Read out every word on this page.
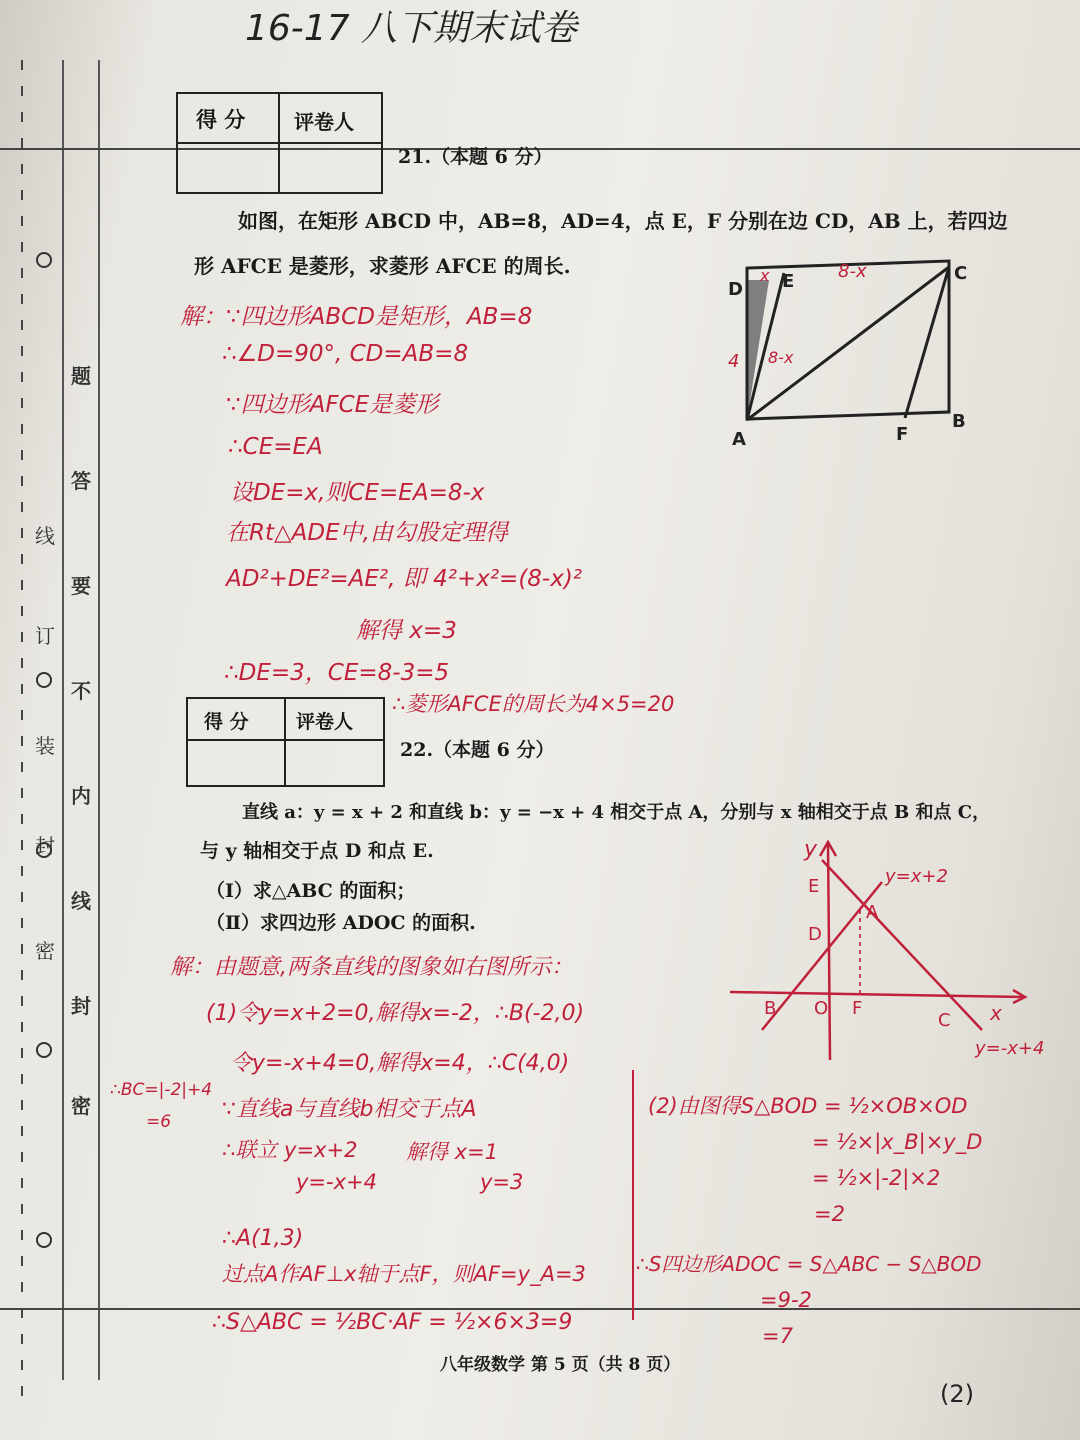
线
订
装
封
密
题
答
要
不
内
线
封
密
16-17 八下期末试卷
得 分 评卷人
21.（本题 6 分）
如图，在矩形 ABCD 中，AB=8，AD=4，点 E，F 分别在边 CD，AB 上，若四边
形 AFCE 是菱形，求菱形 AFCE 的周长.
D E	C
A	F
B
x	8-x
4 8-x
解：∵四边形ABCD是矩形，AB=8
∴∠D=90°, CD=AB=8
∵四边形AFCE是菱形
∴CE=EA
设DE=x,则CE=EA=8-x
在Rt△ADE中,由勾股定理得
AD²+DE²=AE², 即 4²+x²=(8-x)²
解得 x=3
∴DE=3，CE=8-3=5
∴菱形AFCE的周长为4×5=20
得 分 评卷人
22.（本题 6 分）
直线 a：y = x + 2 和直线 b：y = −x + 4 相交于点 A，分别与 x 轴相交于点 B 和点 C，
与 y 轴相交于点 D 和点 E.
（Ⅰ）求△ABC 的面积；
（Ⅱ）求四边形 ADOC 的面积.
y
x
y=x+2
y=-x+4
E
D
A
B O F
C
解：由题意,两条直线的图象如右图所示：
(1)令y=x+2=0,解得x=-2，∴B(-2,0)
令y=-x+4=0,解得x=4，∴C(4,0)
∴BC=|-2|+4
=6 ∵直线a与直线b相交于点A
∴联立 y=x+2
y=-x+4
解得 x=1
y=3
∴A(1,3)
过点A作AF⊥x轴于点F，则AF=y_A=3
∴S△ABC = ½BC·AF = ½×6×3=9
(2)由图得S△BOD = ½×OB×OD
= ½×|x_B|×y_D
= ½×|-2|×2
=2
∴S四边形ADOC = S△ABC − S△BOD
=9-2
=7
八年级数学 第 5 页（共 8 页）
(2)
